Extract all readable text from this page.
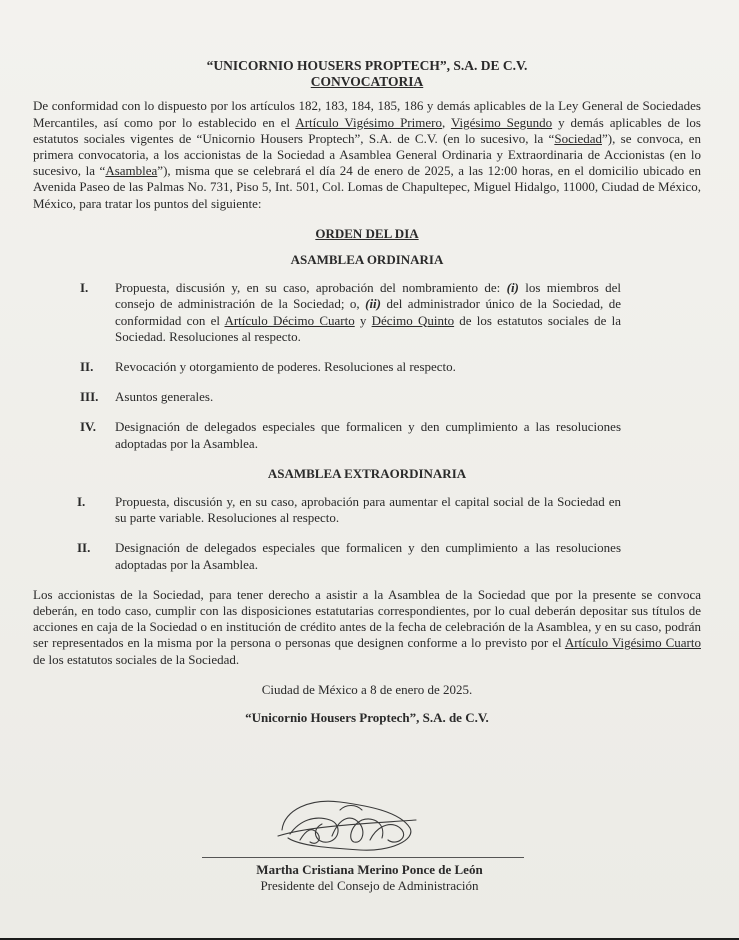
“UNICORNIO HOUSERS PROPTECH”, S.A. DE C.V.

CONVOCATORIA

De conformidad con lo dispuesto por los artículos 182, 183, 184, 185, 186 y demás aplicables de la Ley General de Sociedades Mercantiles, así como por lo establecido en el Artículo Vigésimo Primero, Vigésimo Segundo y demás aplicables de los estatutos sociales vigentes de “Unicornio Housers Proptech”, S.A. de C.V. (en lo sucesivo, la “Sociedad”), se convoca, en primera convocatoria, a los accionistas de la Sociedad a Asamblea General Ordinaria y Extraordinaria de Accionistas (en lo sucesivo, la “Asamblea”), misma que se celebrará el día 24 de enero de 2025, a las 12:00 horas, en el domicilio ubicado en Avenida Paseo de las Palmas No. 731, Piso 5, Int. 501, Col. Lomas de Chapultepec, Miguel Hidalgo, 11000, Ciudad de México, México, para tratar los puntos del siguiente:

ORDEN DEL DIA

ASAMBLEA ORDINARIA

I.	Propuesta, discusión y, en su caso, aprobación del nombramiento de: (i) los miembros del consejo de administración de la Sociedad; o, (ii) del administrador único de la Sociedad, de conformidad con el Artículo Décimo Cuarto y Décimo Quinto de los estatutos sociales de la Sociedad. Resoluciones al respecto.
II.	Revocación y otorgamiento de poderes. Resoluciones al respecto.
III.	Asuntos generales.
IV.	Designación de delegados especiales que formalicen y den cumplimiento a las resoluciones adoptadas por la Asamblea.

ASAMBLEA EXTRAORDINARIA

I.	Propuesta, discusión y, en su caso, aprobación para aumentar el capital social de la Sociedad en su parte variable. Resoluciones al respecto.
II.	Designación de delegados especiales que formalicen y den cumplimiento a las resoluciones adoptadas por la Asamblea.

Los accionistas de la Sociedad, para tener derecho a asistir a la Asamblea de la Sociedad que por la presente se convoca deberán, en todo caso, cumplir con las disposiciones estatutarias correspondientes, por lo cual deberán depositar sus títulos de acciones en caja de la Sociedad o en institución de crédito antes de la fecha de celebración de la Asamblea, y en su caso, podrán ser representados en la misma por la persona o personas que designen conforme a lo previsto por el Artículo Vigésimo Cuarto de los estatutos sociales de la Sociedad.

Ciudad de México a 8 de enero de 2025.
“Unicornio Housers Proptech”, S.A. de C.V.
Martha Cristiana Merino Ponce de León
Presidente del Consejo de Administración
